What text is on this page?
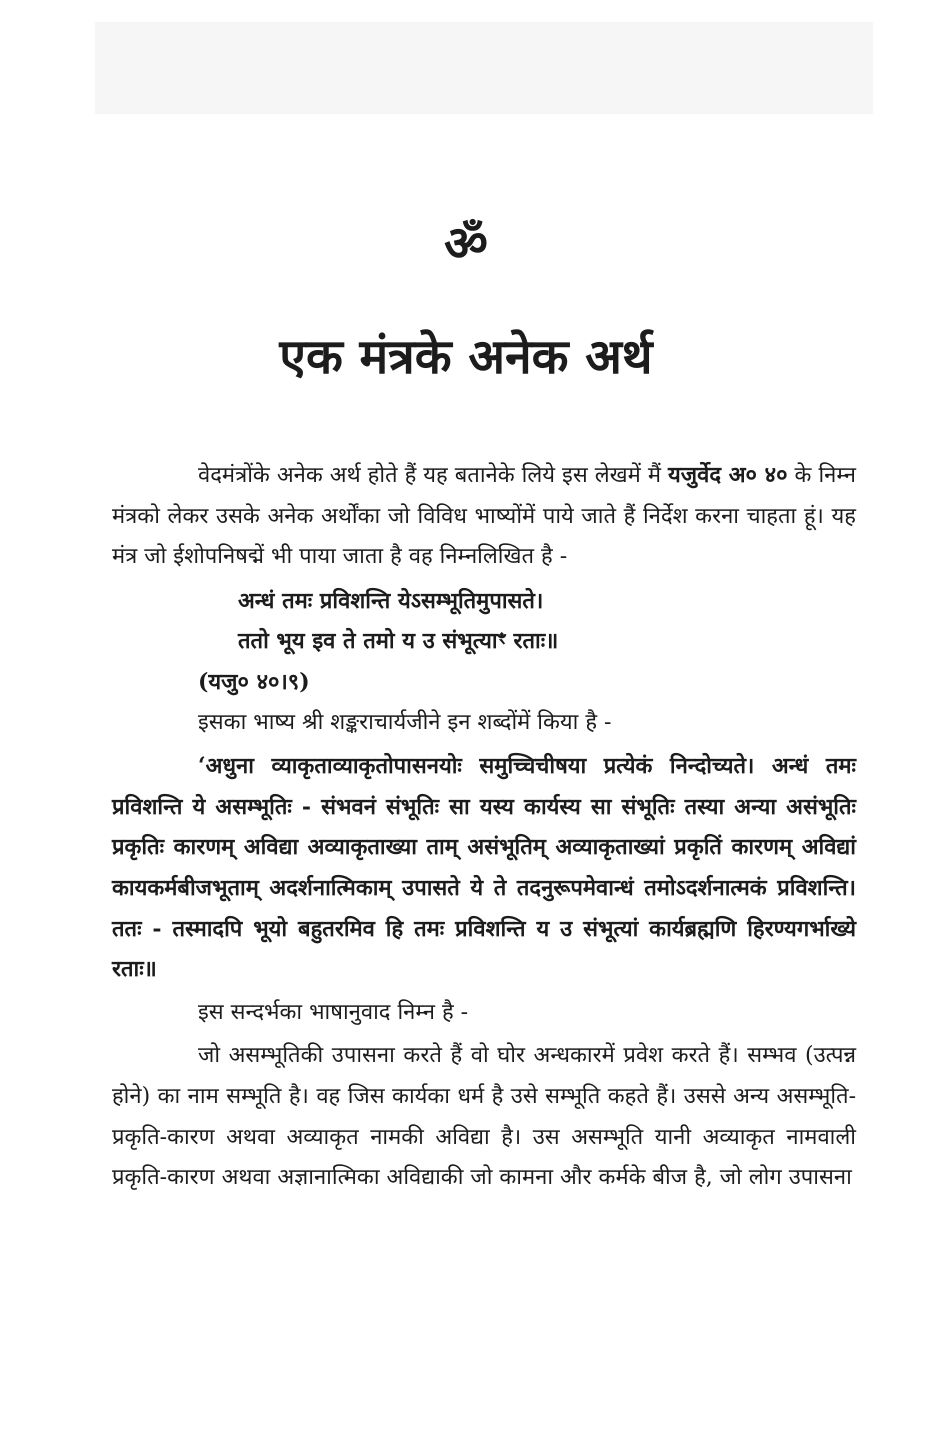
ॐ
एक मंत्रके अनेक अर्थ

वेदमंत्रोंके अनेक अर्थ होते हैं यह बतानेके लिये इस लेखमें मैं यजुर्वेद अ० ४० के निम्न मंत्रको लेकर उसके अनेक अर्थोंका जो विविध भाष्योंमें पाये जाते हैं निर्देश करना चाहता हूं। यह मंत्र जो ईशोपनिषद्में भी पाया जाता है वह निम्नलिखित है -

अन्धं तमः प्रविशन्ति येऽसम्भूतिमुपासते।

ततो भूय इव ते तमो य उ संभूत्याꣳ रताः॥

(यजु० ४०।९)

इसका भाष्य श्री शङ्कराचार्यजीने इन शब्दोंमें किया है -

‘अधुना व्याकृताव्याकृतोपासनयोः समुच्चिचीषया प्रत्येकं निन्दोच्यते। अन्धं तमः प्रविशन्ति ये असम्भूतिः - संभवनं संभूतिः सा यस्य कार्यस्य सा संभूतिः तस्या अन्या असंभूतिः प्रकृतिः कारणम् अविद्या अव्याकृताख्या ताम् असंभूतिम् अव्याकृताख्यां प्रकृतिं कारणम् अविद्यां कायकर्मबीजभूताम् अदर्शनात्मिकाम् उपासते ये ते तदनुरूपमेवान्धं तमोऽदर्शनात्मकं प्रविशन्ति। ततः - तस्मादपि भूयो बहुतरमिव हि तमः प्रविशन्ति य उ संभूत्यां कार्यब्रह्मणि हिरण्यगर्भाख्ये रताः॥

इस सन्दर्भका भाषानुवाद निम्न है -

जो असम्भूतिकी उपासना करते हैं वो घोर अन्धकारमें प्रवेश करते हैं। सम्भव (उत्पन्न होने) का नाम सम्भूति है। वह जिस कार्यका धर्म है उसे सम्भूति कहते हैं। उससे अन्य असम्भूति-प्रकृति-कारण अथवा अव्याकृत नामकी अविद्या है। उस असम्भूति यानी अव्याकृत नामवाली प्रकृति-कारण अथवा अज्ञानात्मिका अविद्याकी जो कामना और कर्मके बीज है, जो लोग उपासना
